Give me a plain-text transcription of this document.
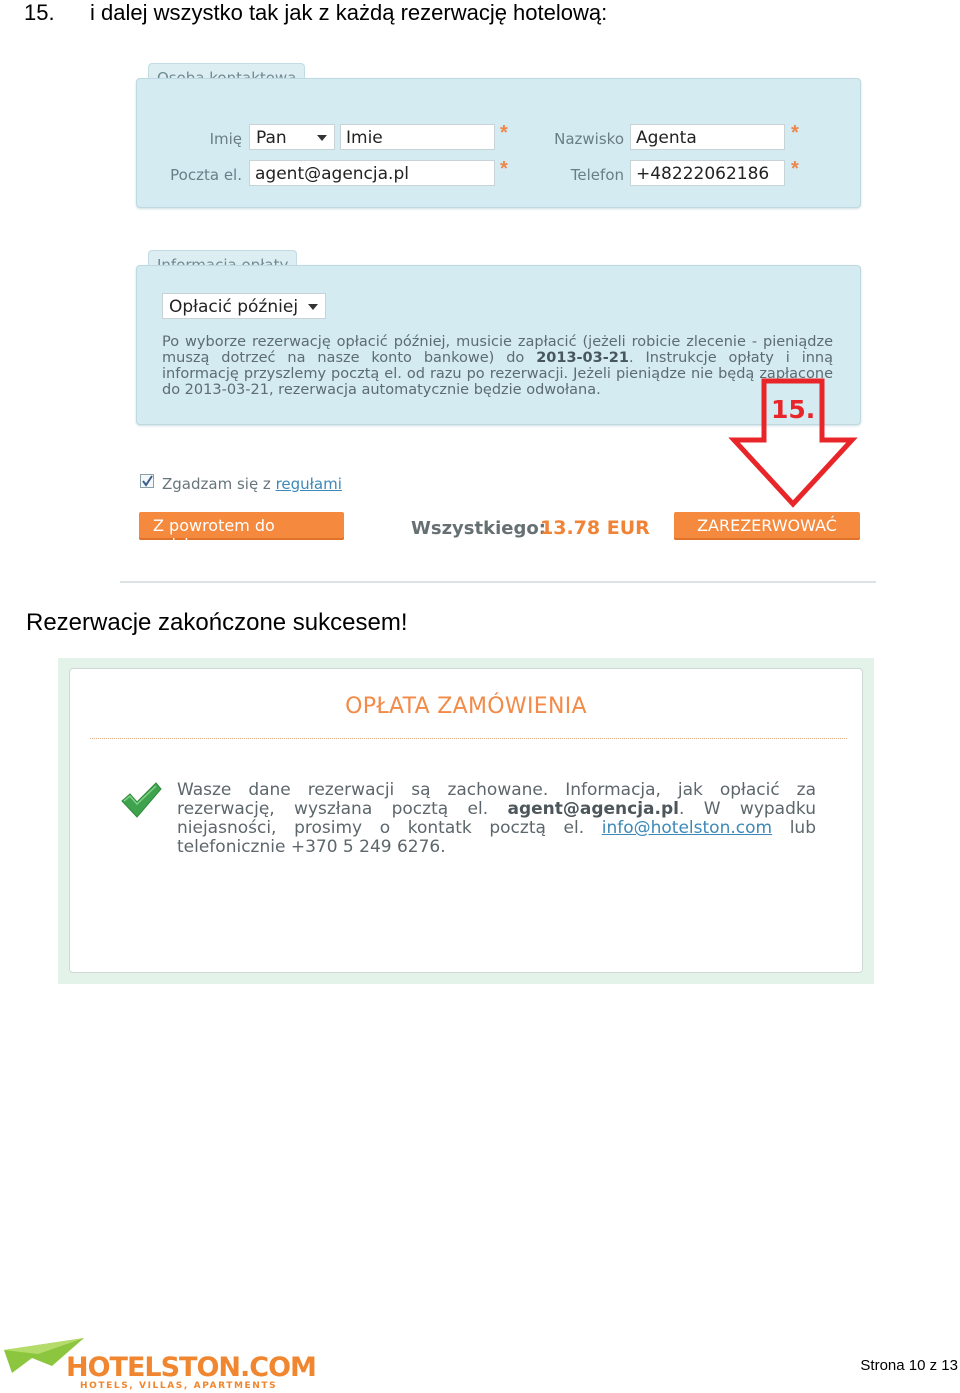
15. i dalej wszystko tak jak z każdą rezerwację hotelową:
Imię Pan	Imie	*	Nazwisko Agenta	*
Poczta el. agent@agencja.pl	*	Telefon +48222062186	*
Opłacić później
Po wyborze rezerwację opłacić później, musicie zapłacić (jeżeli robicie zlecenie - pieniądze muszą dotrzeć na nasze konto bankowe) do 2013-03-21. Instrukcje opłaty i inną informację przyszlemy pocztą el. od razu po rezerwacji. Jeżeli pieniądze nie będą zapłacone do 2013-03-21, rezerwacja automatycznie będzie odwołana.
15.
Zgadzam się z regułami
Z powrotem do spisku
Wszystkiego:
13.78 EUR	ZAREZERWOWAĆ
Rezerwacje zakończone sukcesem!
OPŁATA ZAMÓWIENIA
Wasze dane rezerwacji są zachowane. Informacja, jak opłacić za rezerwację, wyszłana pocztą el. agent@agencja.pl. W wypadku niejasności, prosimy o kontatk pocztą el. info@hotelston.com lub telefonicznie +370 5 249 6276.
HOTELSTON.COM
HOTELS, VILLAS, APARTMENTS
Strona 10 z 13
